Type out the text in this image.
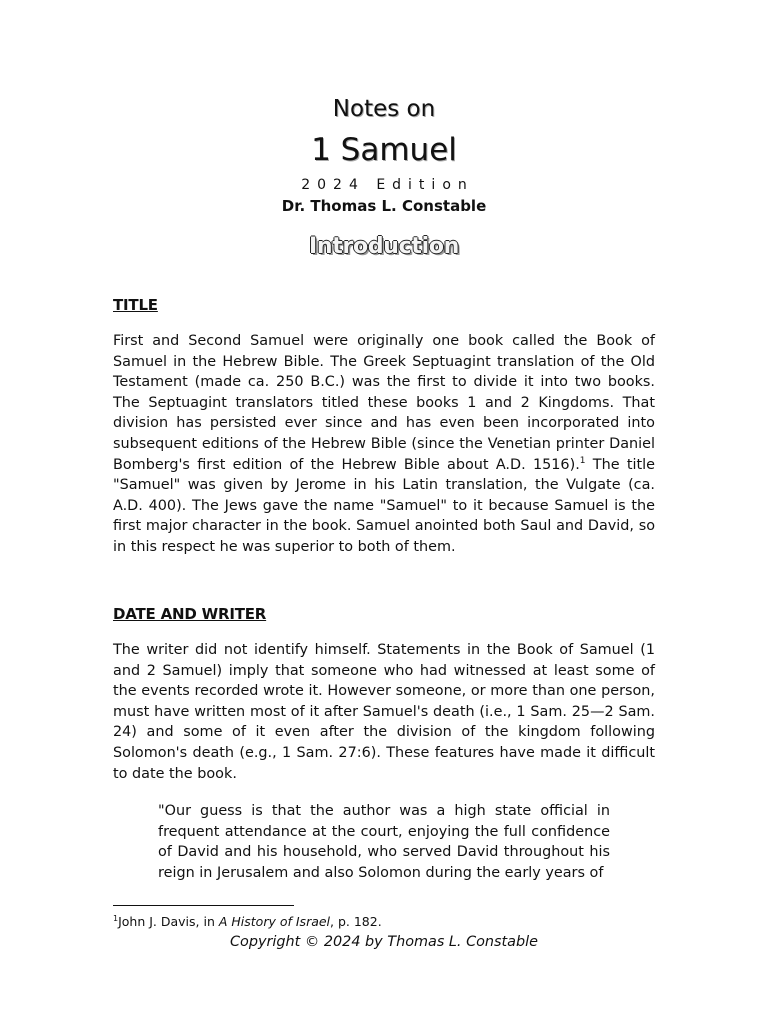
Notes on
1 Samuel
2024 Edition
Dr. Thomas L. Constable
Introduction
TITLE

First and Second Samuel were originally one book called the Book of Samuel in the Hebrew Bible. The Greek Septuagint translation of the Old Testament (made ca. 250 B.C.) was the first to divide it into two books. The Septuagint translators titled these books 1 and 2 Kingdoms. That division has persisted ever since and has even been incorporated into subsequent editions of the Hebrew Bible (since the Venetian printer Daniel Bomberg's first edition of the Hebrew Bible about A.D. 1516).$^1$ The title "Samuel" was given by Jerome in his Latin translation, the Vulgate (ca. A.D. 400). The Jews gave the name "Samuel" to it because Samuel is the first major character in the book. Samuel anointed both Saul and David, so in this respect he was superior to both of them.

DATE AND WRITER

The writer did not identify himself. Statements in the Book of Samuel (1 and 2 Samuel) imply that someone who had witnessed at least some of the events recorded wrote it. However someone, or more than one person, must have written most of it after Samuel's death (i.e., 1 Sam. 25—2 Sam. 24) and some of it even after the division of the kingdom following Solomon's death (e.g., 1 Sam. 27:6). These features have made it difficult to date the book.

"Our guess is that the author was a high state official in frequent attendance at the court, enjoying the full confidence of David and his household, who served David throughout his reign in Jerusalem and also Solomon during the early years of

$^1$John J. Davis, in A History of Israel, p. 182.
Copyright © 2024 by Thomas L. Constable
